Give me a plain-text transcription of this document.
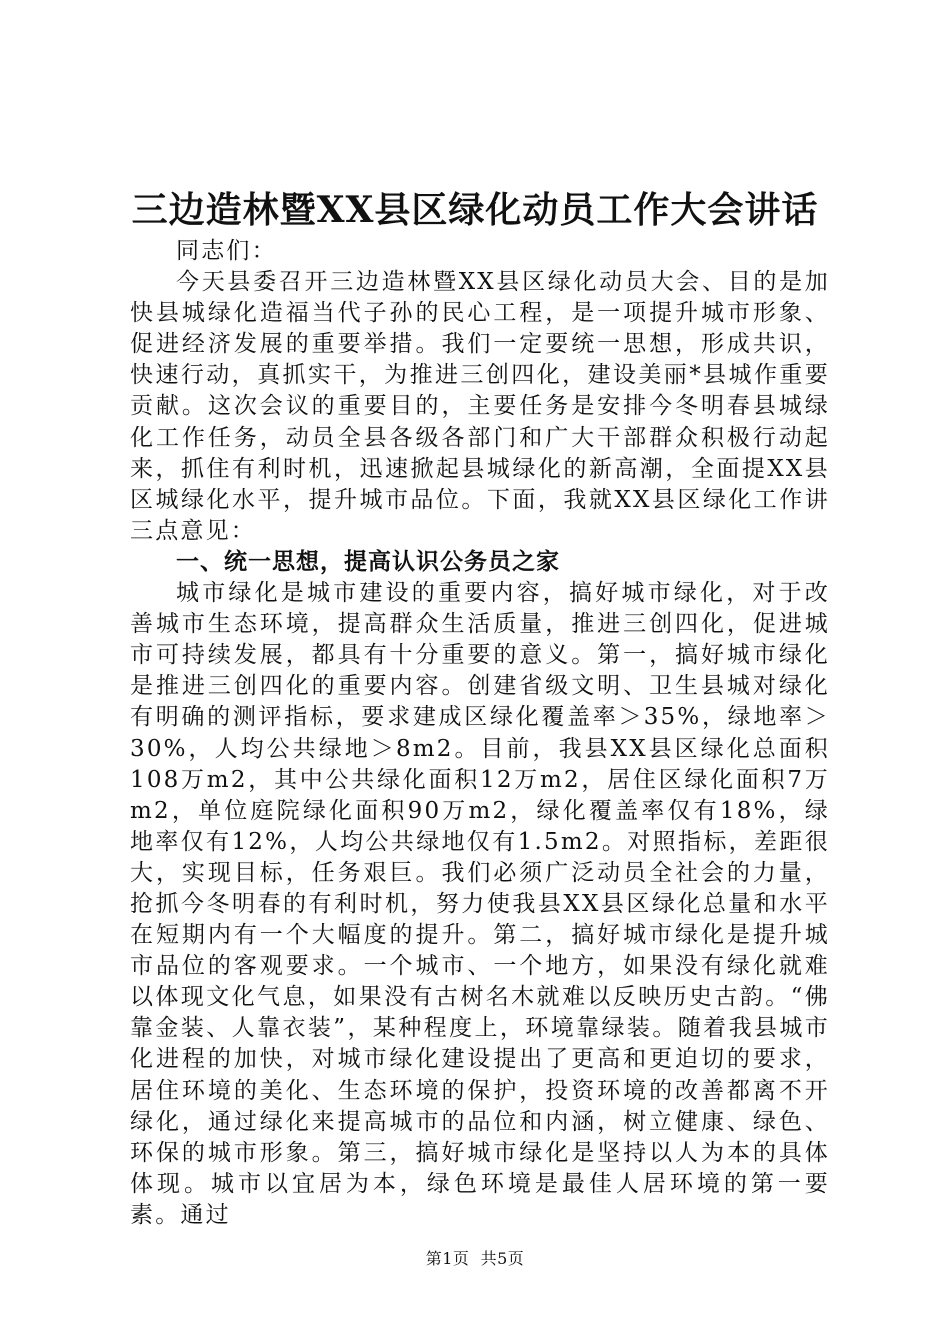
三边造林暨XX县区绿化动员工作大会讲话

同志们：

今天县委召开三边造林暨XX县区绿化动员大会、目的是加快县城绿化造福当代子孙的民心工程，是一项提升城市形象、促进经济发展的重要举措。我们一定要统一思想，形成共识，快速行动，真抓实干，为推进三创四化，建设美丽*县城作重要贡献。这次会议的重要目的，主要任务是安排今冬明春县城绿化工作任务，动员全县各级各部门和广大干部群众积极行动起来，抓住有利时机，迅速掀起县城绿化的新高潮，全面提XX县区城绿化水平，提升城市品位。下面，我就XX县区绿化工作讲三点意见：

一、统一思想，提高认识公务员之家

城市绿化是城市建设的重要内容，搞好城市绿化，对于改善城市生态环境，提高群众生活质量，推进三创四化，促进城市可持续发展，都具有十分重要的意义。第一，搞好城市绿化是推进三创四化的重要内容。创建省级文明、卫生县城对绿化有明确的测评指标，要求建成区绿化覆盖率＞35%，绿地率＞30%，人均公共绿地＞8m2。目前，我县XX县区绿化总面积108万m2，其中公共绿化面积12万m2，居住区绿化面积7万m2，单位庭院绿化面积90万m2，绿化覆盖率仅有18%，绿地率仅有12%，人均公共绿地仅有1.5m2。对照指标，差距很大，实现目标，任务艰巨。我们必须广泛动员全社会的力量，抢抓今冬明春的有利时机，努力使我县XX县区绿化总量和水平在短期内有一个大幅度的提升。第二，搞好城市绿化是提升城市品位的客观要求。一个城市、一个地方，如果没有绿化就难以体现文化气息，如果没有古树名木就难以反映历史古韵。“佛靠金装、人靠衣装”，某种程度上，环境靠绿装。随着我县城市化进程的加快，对城市绿化建设提出了更高和更迫切的要求，居住环境的美化、生态环境的保护，投资环境的改善都离不开绿化，通过绿化来提高城市的品位和内涵，树立健康、绿色、环保的城市形象。第三，搞好城市绿化是坚持以人为本的具体体现。城市以宜居为本，绿色环境是最佳人居环境的第一要素。通过

第1页  共5页
